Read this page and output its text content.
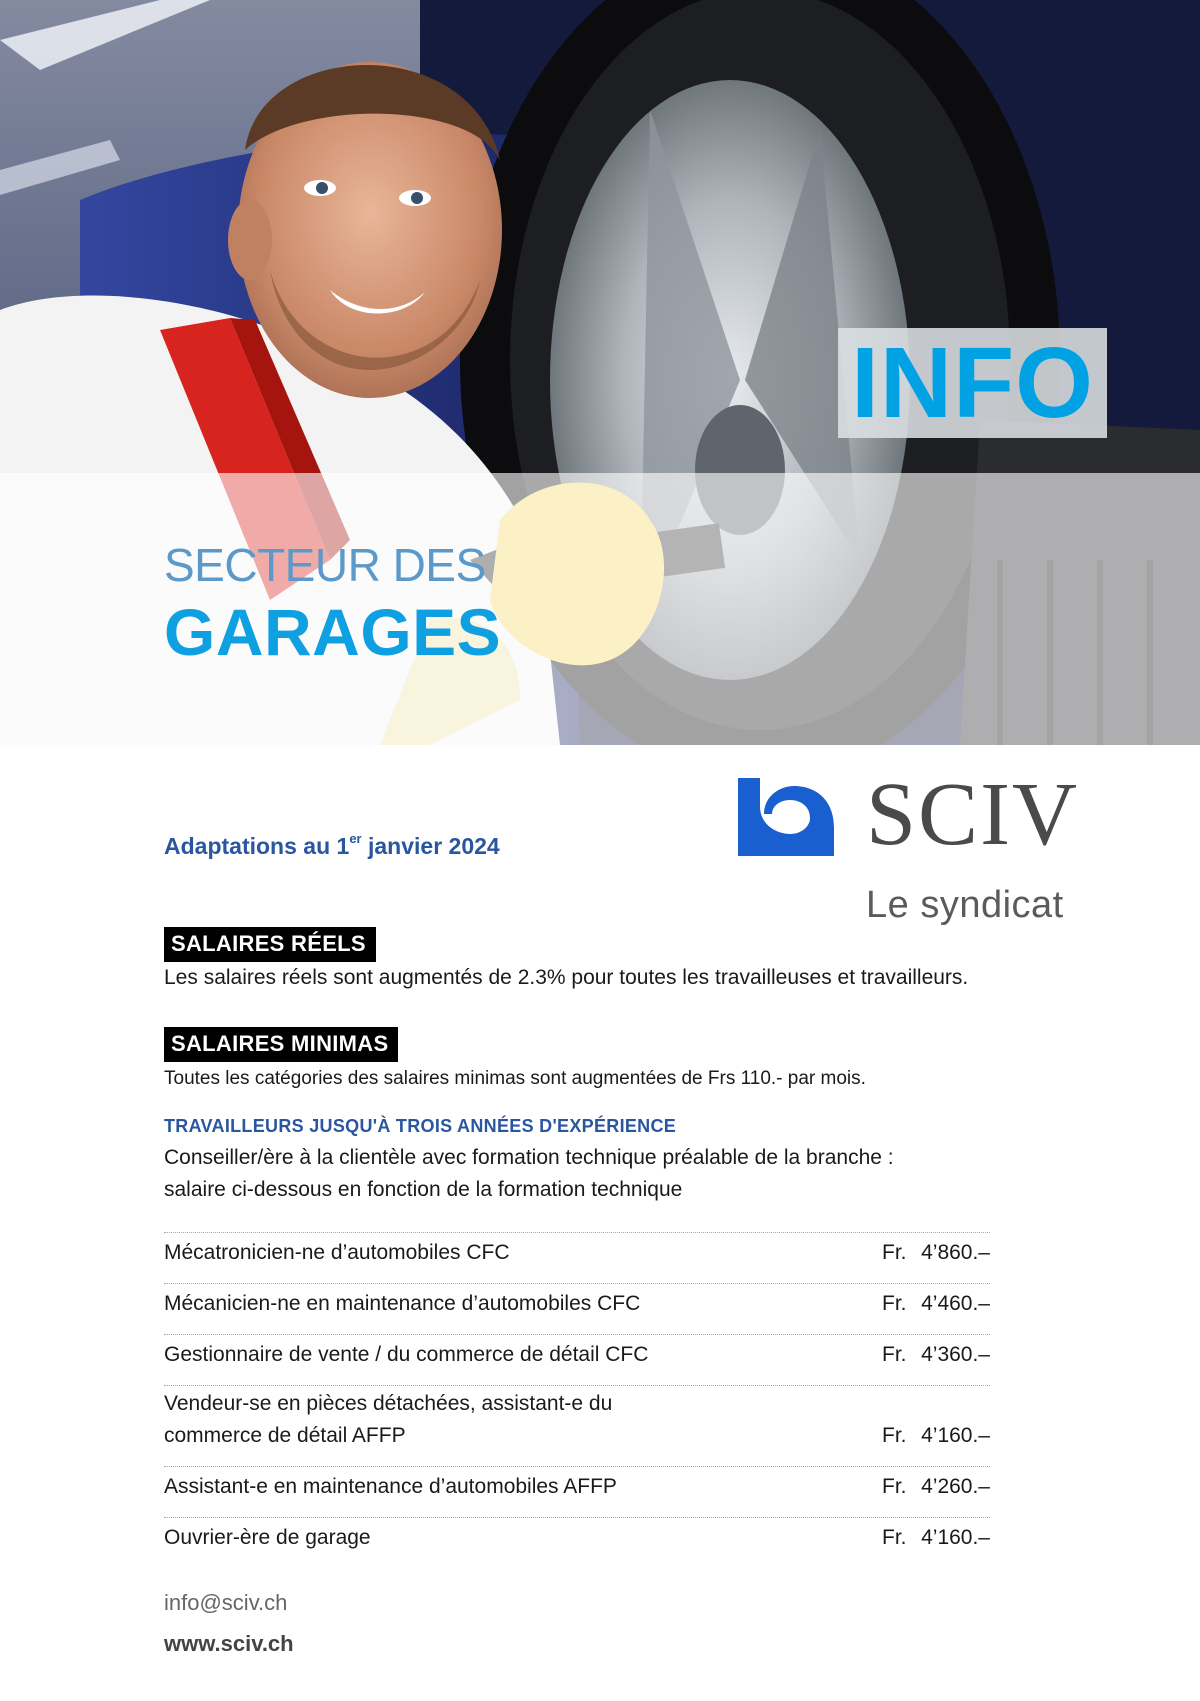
INFO
SECTEUR DES
GARAGES
SCIV
Le syndicat
Adaptations au 1er janvier 2024
SALAIRES RÉELS
Les salaires réels sont augmentés de 2.3% pour toutes les travailleuses et travailleurs.
SALAIRES MINIMAS
Toutes les catégories des salaires minimas sont augmentées de Frs 110.- par mois.
TRAVAILLEURS JUSQU'À TROIS ANNÉES D'EXPÉRIENCE
Conseiller/ère à la clientèle avec formation technique préalable de la branche :
salaire ci-dessous en fonction de la formation technique
Mécatronicien-ne d’automobiles CFC	Fr. 4’860.–
Mécanicien-ne en maintenance d’automobiles CFC	Fr. 4’460.–
Gestionnaire de vente / du commerce de détail CFC	Fr. 4’360.–
Vendeur-se en pièces détachées, assistant-e du commerce de détail AFFP	Fr. 4’160.–
Assistant-e en maintenance d’automobiles AFFP	Fr. 4’260.–
Ouvrier-ère de garage	Fr. 4’160.–
info@sciv.ch
www.sciv.ch
